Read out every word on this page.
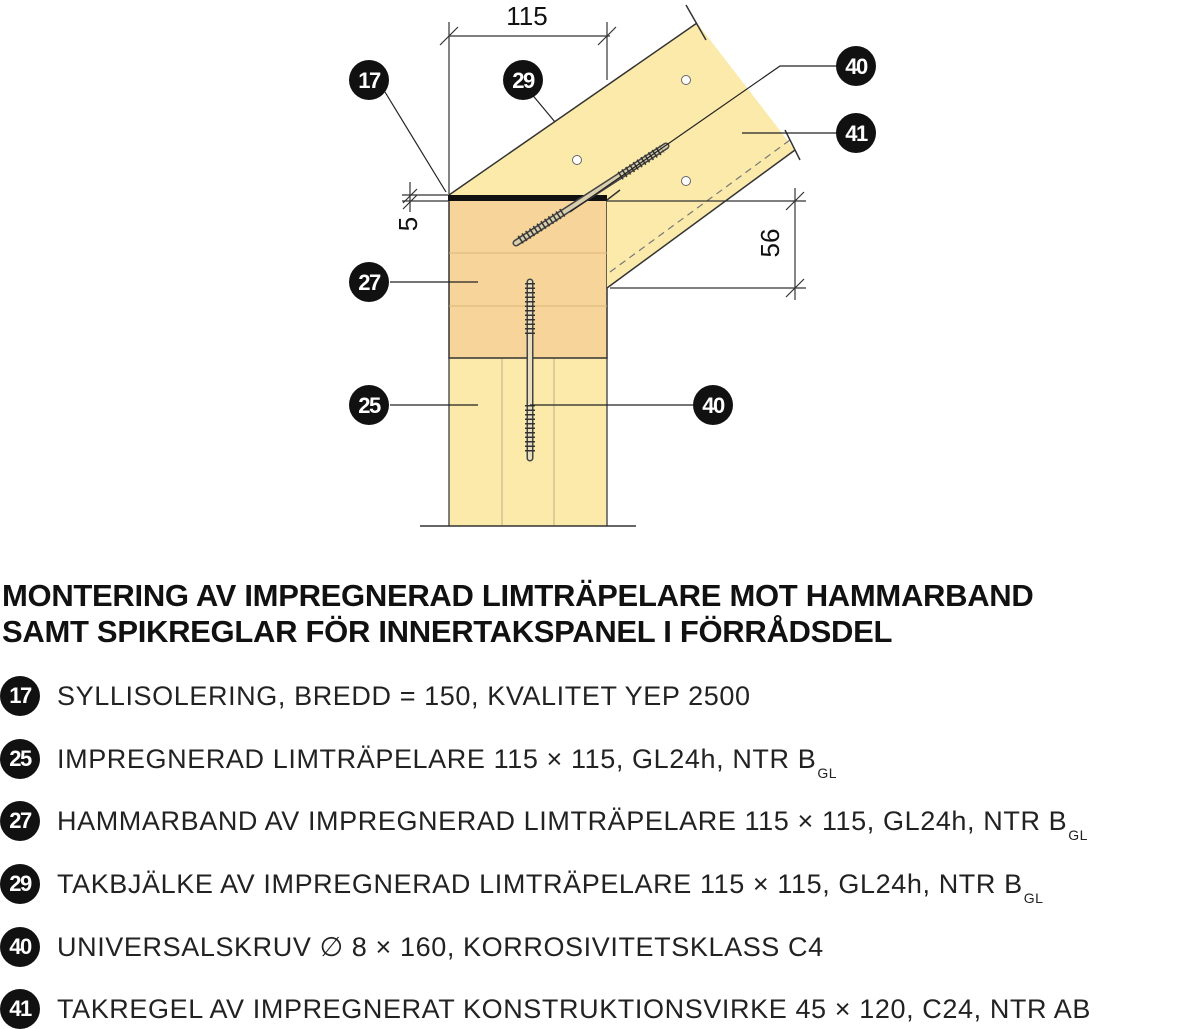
115
5
56
17	29
40
41
27
25	40
MONTERING AV IMPREGNERAD LIMTRÄPELARE MOT HAMMARBAND
SAMT SPIKREGLAR FÖR INNERTAKSPANEL I FÖRRÅDSDEL
17 SYLLISOLERING, BREDD = 150, KVALITET YEP 2500
25 IMPREGNERAD LIMTRÄPELARE 115 × 115, GL24h, NTR $B_{GL}$
27 HAMMARBAND AV IMPREGNERAD LIMTRÄPELARE 115 × 115, GL24h, NTR $B_{GL}$
29 TAKBJÄLKE AV IMPREGNERAD LIMTRÄPELARE 115 × 115, GL24h, NTR $B_{GL}$
40 UNIVERSALSKRUV ∅ 8 × 160, KORROSIVITETSKLASS C4
41 TAKREGEL AV IMPREGNERAT KONSTRUKTIONSVIRKE 45 × 120, C24, NTR AB
